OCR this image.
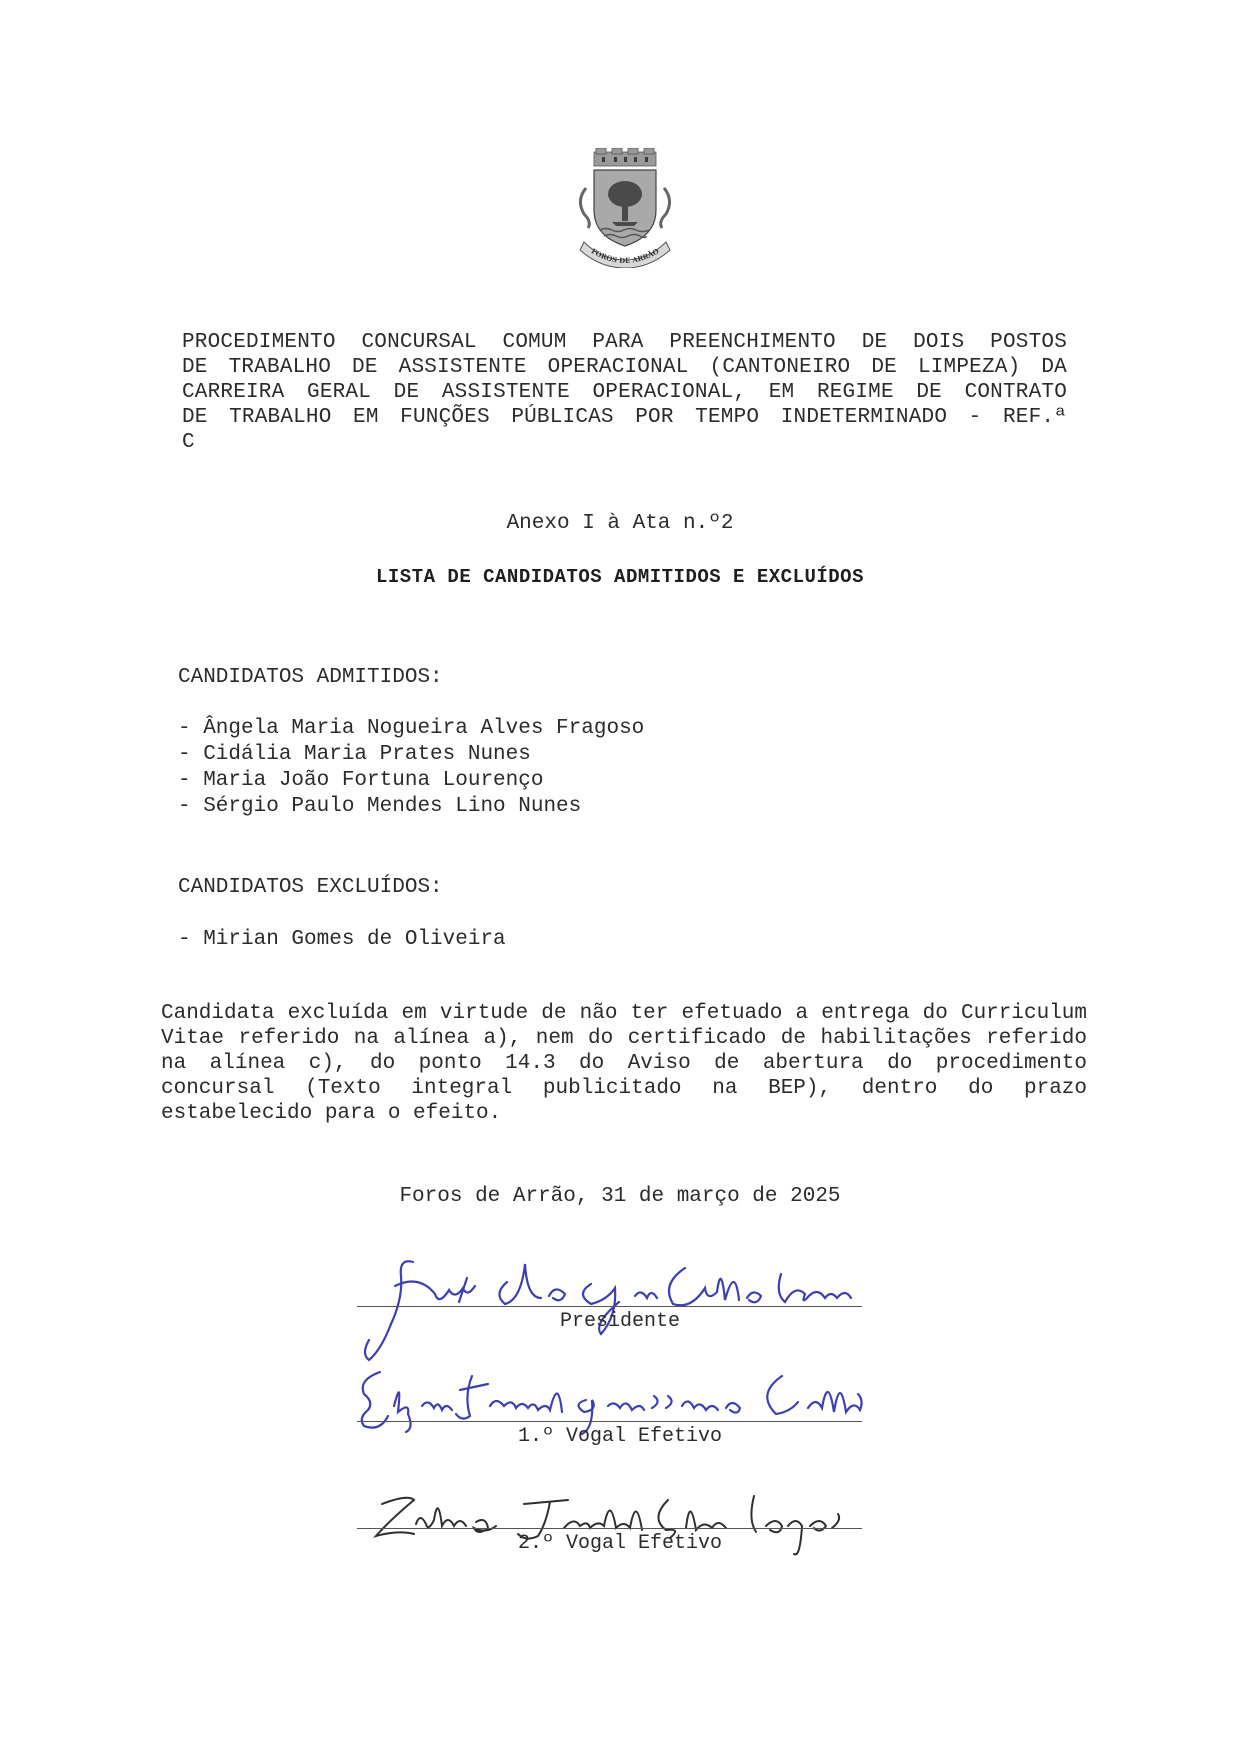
FOROS DE ARRÃO
PROCEDIMENTO CONCURSAL COMUM PARA PREENCHIMENTO DE DOIS POSTOS
DE TRABALHO DE ASSISTENTE OPERACIONAL (CANTONEIRO DE LIMPEZA) DA
CARREIRA GERAL DE ASSISTENTE OPERACIONAL, EM REGIME DE CONTRATO
DE TRABALHO EM FUNÇÕES PÚBLICAS POR TEMPO INDETERMINADO - REF.ª
C
Anexo I à Ata n.º2
LISTA DE CANDIDATOS ADMITIDOS E EXCLUÍDOS
CANDIDATOS ADMITIDOS:
- Ângela Maria Nogueira Alves Fragoso
- Cidália Maria Prates Nunes
- Maria João Fortuna Lourenço
- Sérgio Paulo Mendes Lino Nunes
CANDIDATOS EXCLUÍDOS:
- Mirian Gomes de Oliveira
Candidata excluída em virtude de não ter efetuado a entrega do Curriculum Vitae referido na alínea a), nem do certificado de habilitações referido na alínea c), do ponto 14.3 do Aviso de abertura do procedimento concursal (Texto integral publicitado na BEP), dentro do prazo estabelecido para o efeito.
Foros de Arrão, 31 de março de 2025
Presidente
1.º Vogal Efetivo
2.º Vogal Efetivo
